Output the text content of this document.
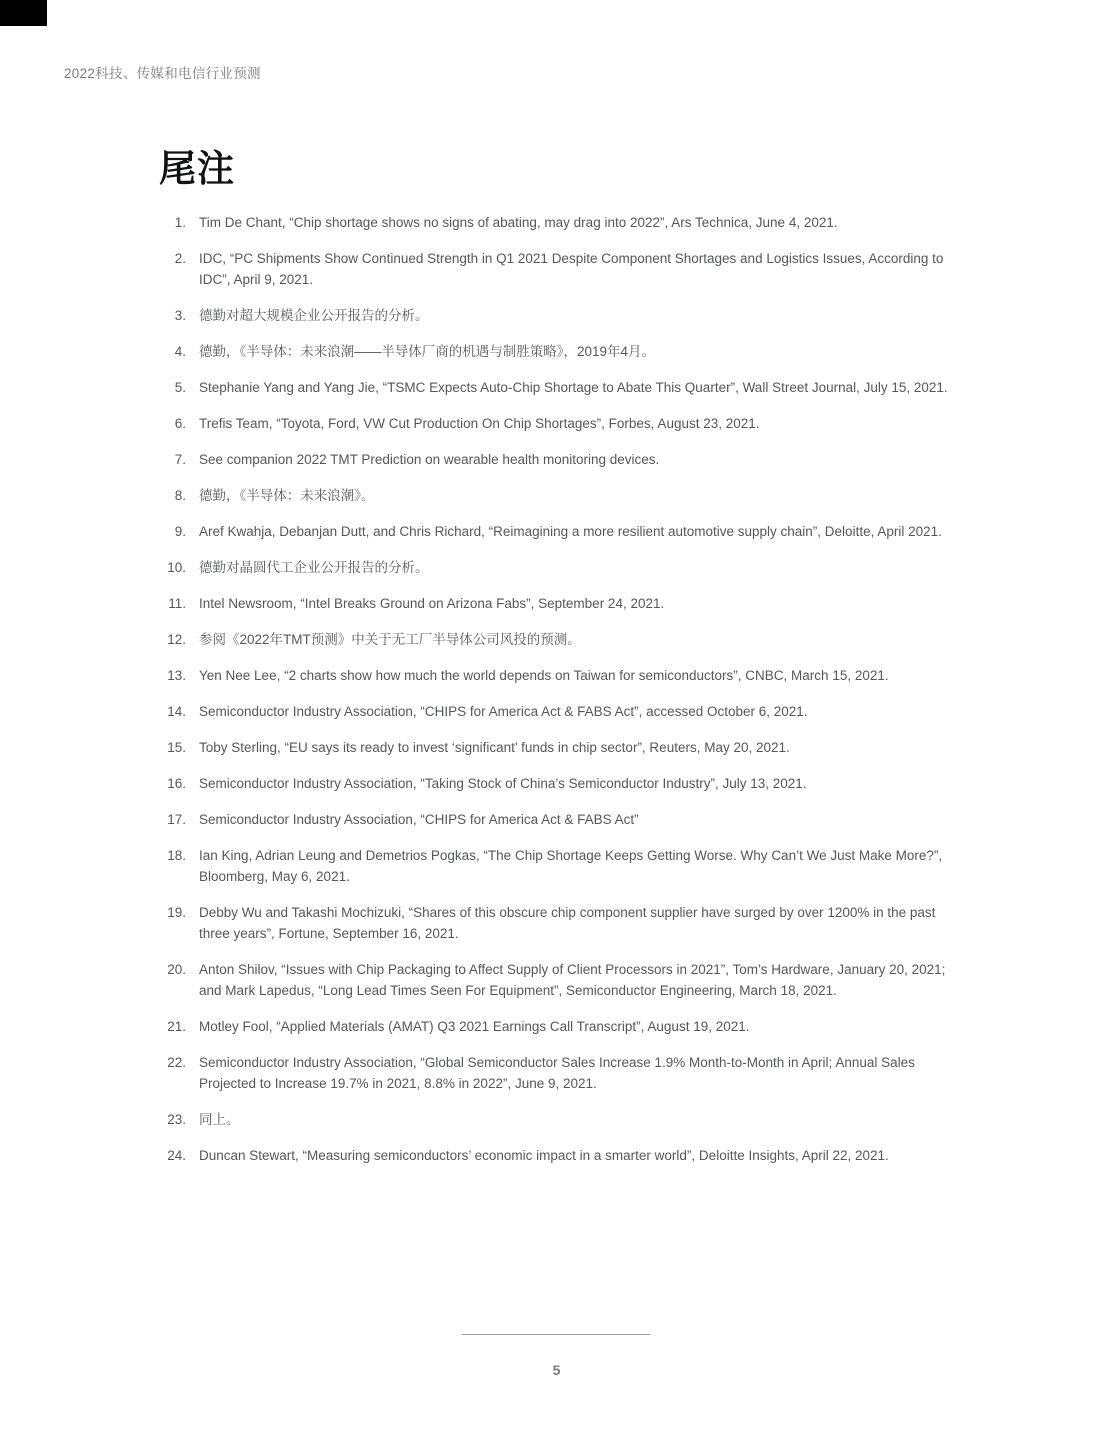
2022科技、传媒和电信行业预测
尾注
1. Tim De Chant, “Chip shortage shows no signs of abating, may drag into 2022”, Ars Technica, June 4, 2021.
2. IDC, “PC Shipments Show Continued Strength in Q1 2021 Despite Component Shortages and Logistics Issues, According to IDC”, April 9, 2021.
3. 德勤对超大规模企业公开报告的分析。
4. 德勤，《半导体：未来浪潮——半导体厂商的机遇与制胜策略》，2019年4月。
5. Stephanie Yang and Yang Jie, “TSMC Expects Auto-Chip Shortage to Abate This Quarter”, Wall Street Journal, July 15, 2021.
6. Trefis Team, “Toyota, Ford, VW Cut Production On Chip Shortages”, Forbes, August 23, 2021.
7. See companion 2022 TMT Prediction on wearable health monitoring devices.
8. 德勤，《半导体：未来浪潮》。
9. Aref Kwahja, Debanjan Dutt, and Chris Richard, “Reimagining a more resilient automotive supply chain”, Deloitte, April 2021.
10. 德勤对晶圆代工企业公开报告的分析。
11. Intel Newsroom, “Intel Breaks Ground on Arizona Fabs”, September 24, 2021.
12. 参阅《2022年TMT预测》中关于无工厂半导体公司风投的预测。
13. Yen Nee Lee, “2 charts show how much the world depends on Taiwan for semiconductors”, CNBC, March 15, 2021.
14. Semiconductor Industry Association, “CHIPS for America Act & FABS Act”, accessed October 6, 2021.
15. Toby Sterling, “EU says its ready to invest ‘significant’ funds in chip sector”, Reuters, May 20, 2021.
16. Semiconductor Industry Association, “Taking Stock of China’s Semiconductor Industry”, July 13, 2021.
17. Semiconductor Industry Association, “CHIPS for America Act & FABS Act”
18. Ian King, Adrian Leung and Demetrios Pogkas, “The Chip Shortage Keeps Getting Worse. Why Can’t We Just Make More?”, Bloomberg, May 6, 2021.
19. Debby Wu and Takashi Mochizuki, “Shares of this obscure chip component supplier have surged by over 1200% in the past three years”, Fortune, September 16, 2021.
20. Anton Shilov, “Issues with Chip Packaging to Affect Supply of Client Processors in 2021”, Tom’s Hardware, January 20, 2021; and Mark Lapedus, “Long Lead Times Seen For Equipment”, Semiconductor Engineering, March 18, 2021.
21. Motley Fool, “Applied Materials (AMAT) Q3 2021 Earnings Call Transcript”, August 19, 2021.
22. Semiconductor Industry Association, “Global Semiconductor Sales Increase 1.9% Month-to-Month in April; Annual Sales Projected to Increase 19.7% in 2021, 8.8% in 2022”, June 9, 2021.
23. 同上。
24. Duncan Stewart, “Measuring semiconductors’ economic impact in a smarter world”, Deloitte Insights, April 22, 2021.
5
